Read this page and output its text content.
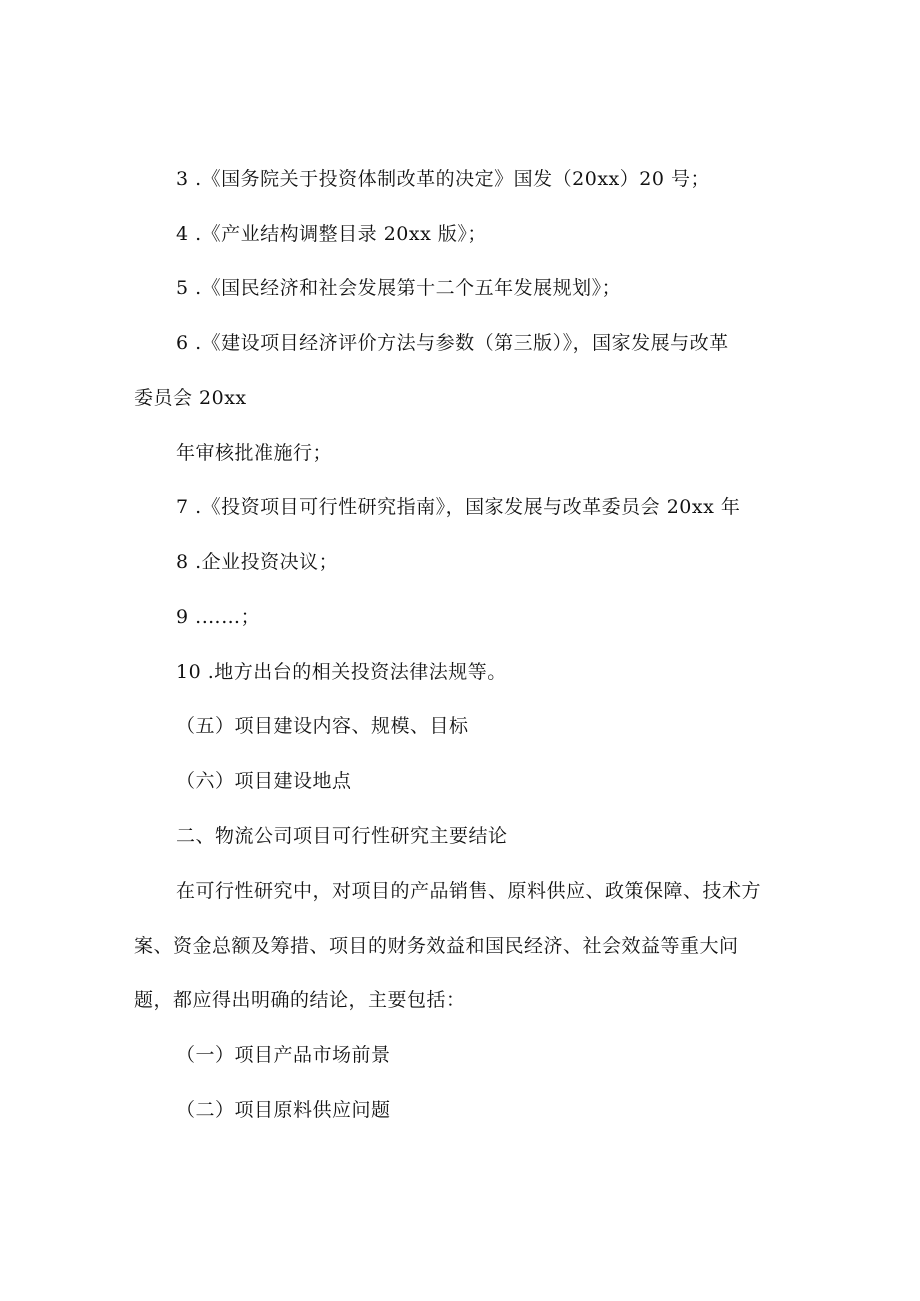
3 .《国务院关于投资体制改革的决定》国发（20xx）20 号；
4 .《产业结构调整目录 20xx 版》；
5 .《国民经济和社会发展第十二个五年发展规划》；
6 .《建设项目经济评价方法与参数（第三版）》，国家发展与改革
委员会 20xx
年审核批准施行；
7 .《投资项目可行性研究指南》，国家发展与改革委员会 20xx 年
8 .企业投资决议；
9 .……；
10 .地方出台的相关投资法律法规等。
（五）项目建设内容、规模、目标
（六）项目建设地点
二、物流公司项目可行性研究主要结论
在可行性研究中，对项目的产品销售、原料供应、政策保障、技术方
案、资金总额及筹措、项目的财务效益和国民经济、社会效益等重大问
题，都应得出明确的结论，主要包括：
（一）项目产品市场前景
（二）项目原料供应问题
